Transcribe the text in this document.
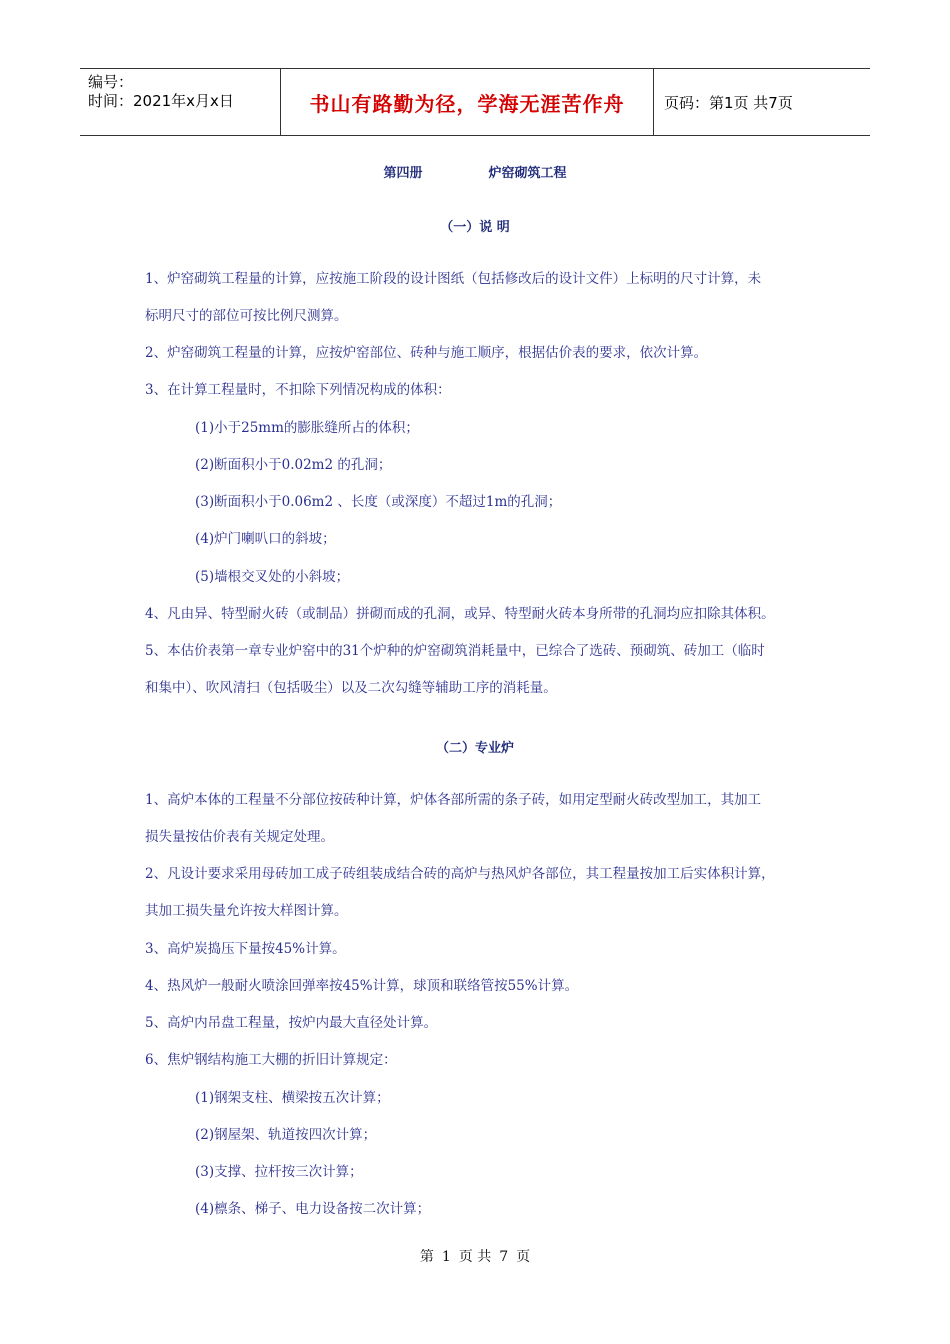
编号：
时间：2021年x月x日	书山有路勤为径，学海无涯苦作舟	页码：第1页 共7页
第四册	炉窑砌筑工程
（一）说 明
1、炉窑砌筑工程量的计算，应按施工阶段的设计图纸（包括修改后的设计文件）上标明的尺寸计算，未
标明尺寸的部位可按比例尺测算。
2、炉窑砌筑工程量的计算，应按炉窑部位、砖种与施工顺序，根据估价表的要求，依次计算。
3、在计算工程量时，不扣除下列情况构成的体积：
(1)小于25mm的膨胀缝所占的体积；
(2)断面积小于0.02m2 的孔洞；
(3)断面积小于0.06m2 、长度（或深度）不超过1m的孔洞；
(4)炉门喇叭口的斜坡；
(5)墙根交叉处的小斜坡；
4、凡由异、特型耐火砖（或制品）拼砌而成的孔洞，或异、特型耐火砖本身所带的孔洞均应扣除其体积。
5、本估价表第一章专业炉窑中的31个炉种的炉窑砌筑消耗量中，已综合了选砖、预砌筑、砖加工（临时
和集中）、吹风清扫（包括吸尘）以及二次勾缝等辅助工序的消耗量。
（二）专业炉
1、高炉本体的工程量不分部位按砖种计算，炉体各部所需的条子砖，如用定型耐火砖改型加工，其加工
损失量按估价表有关规定处理。
2、凡设计要求采用母砖加工成子砖组装成结合砖的高炉与热风炉各部位，其工程量按加工后实体积计算，
其加工损失量允许按大样图计算。
3、高炉炭捣压下量按45%计算。
4、热风炉一般耐火喷涂回弹率按45%计算，球顶和联络管按55%计算。
5、高炉内吊盘工程量，按炉内最大直径处计算。
6、焦炉钢结构施工大棚的折旧计算规定：
(1)钢架支柱、横梁按五次计算；
(2)钢屋架、轨道按四次计算；
(3)支撑、拉杆按三次计算；
(4)檩条、梯子、电力设备按二次计算；
第 1 页 共 7 页
